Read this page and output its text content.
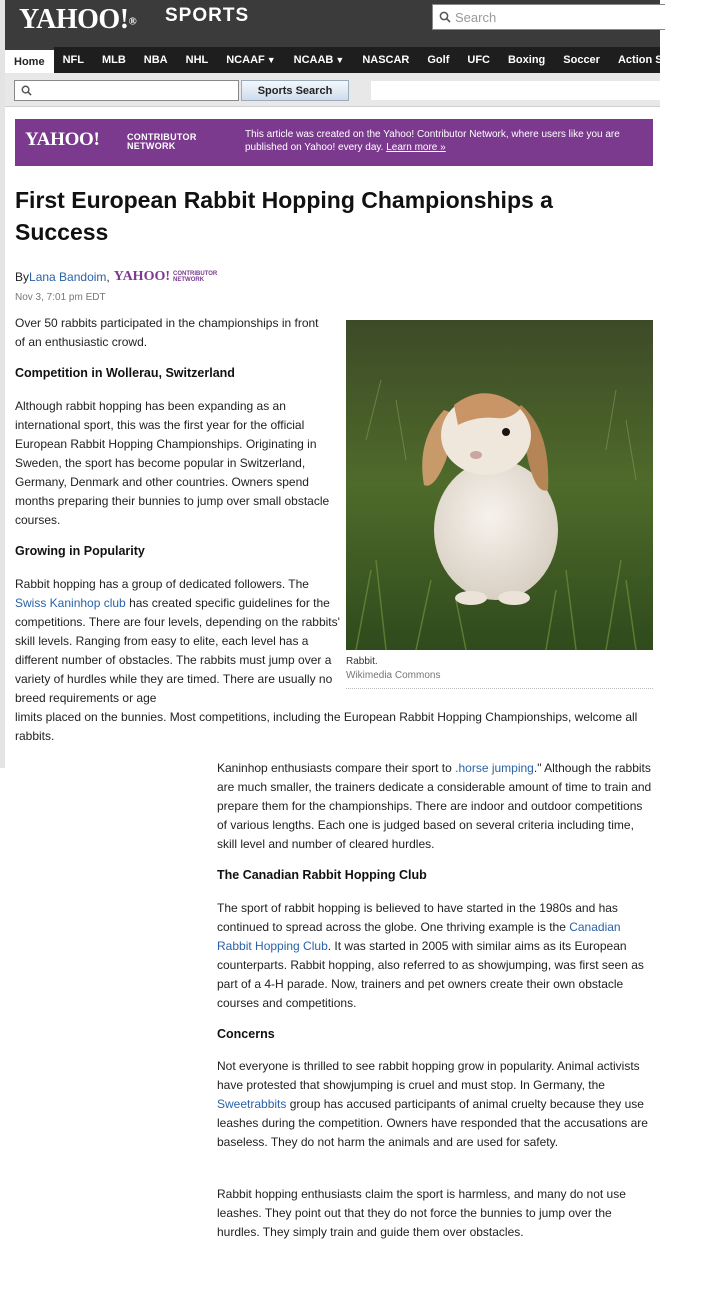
YAHOO!® SPORTS	Search
Home NFL MLB NBA NHL NCAAF ▼ NCAAB ▼ NASCAR Golf UFC Boxing Soccer Action Sports ▼
Sports Search
YAHOO!	CONTRIBUTOR NETWORK
This article was created on the Yahoo! Contributor Network, where users like you are published on Yahoo! every day. Learn more »
First European Rabbit Hopping Championships a Success
By Lana Bandoim , YAHOO! CONTRIBUTOR NETWORK
Nov 3, 7:01 pm EDT
Rabbit.
Wikimedia Commons

Over 50 rabbits participated in the championships in front of an enthusiastic crowd.

Competition in Wollerau, Switzerland

Although rabbit hopping has been expanding as an international sport, this was the first year for the official European Rabbit Hopping Championships. Originating in Sweden, the sport has become popular in Switzerland, Germany, Denmark and other countries. Owners spend months preparing their bunnies to jump over small obstacle courses.

Growing in Popularity

Rabbit hopping has a group of dedicated followers. The Swiss Kaninhop club has created specific guidelines for the competitions. There are four levels, depending on the rabbits' skill levels. Ranging from easy to elite, each level has a different number of obstacles. The rabbits must jump over a variety of hurdles while they are timed. There are usually no breed requirements or age

limits placed on the bunnies. Most competitions, including the European Rabbit Hopping Championships, welcome all rabbits.

Kaninhop enthusiasts compare their sport to .horse jumping." Although the rabbits are much smaller, the trainers dedicate a considerable amount of time to train and prepare them for the championships. There are indoor and outdoor competitions of various lengths. Each one is judged based on several criteria including time, skill level and number of cleared hurdles.

The Canadian Rabbit Hopping Club

The sport of rabbit hopping is believed to have started in the 1980s and has continued to spread across the globe. One thriving example is the Canadian Rabbit Hopping Club. It was started in 2005 with similar aims as its European counterparts. Rabbit hopping, also referred to as showjumping, was first seen as part of a 4-H parade. Now, trainers and pet owners create their own obstacle courses and competitions.

Concerns

Not everyone is thrilled to see rabbit hopping grow in popularity. Animal activists have protested that showjumping is cruel and must stop. In Germany, the Sweetrabbits group has accused participants of animal cruelty because they use leashes during the competition. Owners have responded that the accusations are baseless. They do not harm the animals and are used for safety.

Rabbit hopping enthusiasts claim the sport is harmless, and many do not use leashes. They point out that they do not force the bunnies to jump over the hurdles. They simply train and guide them over obstacles.
